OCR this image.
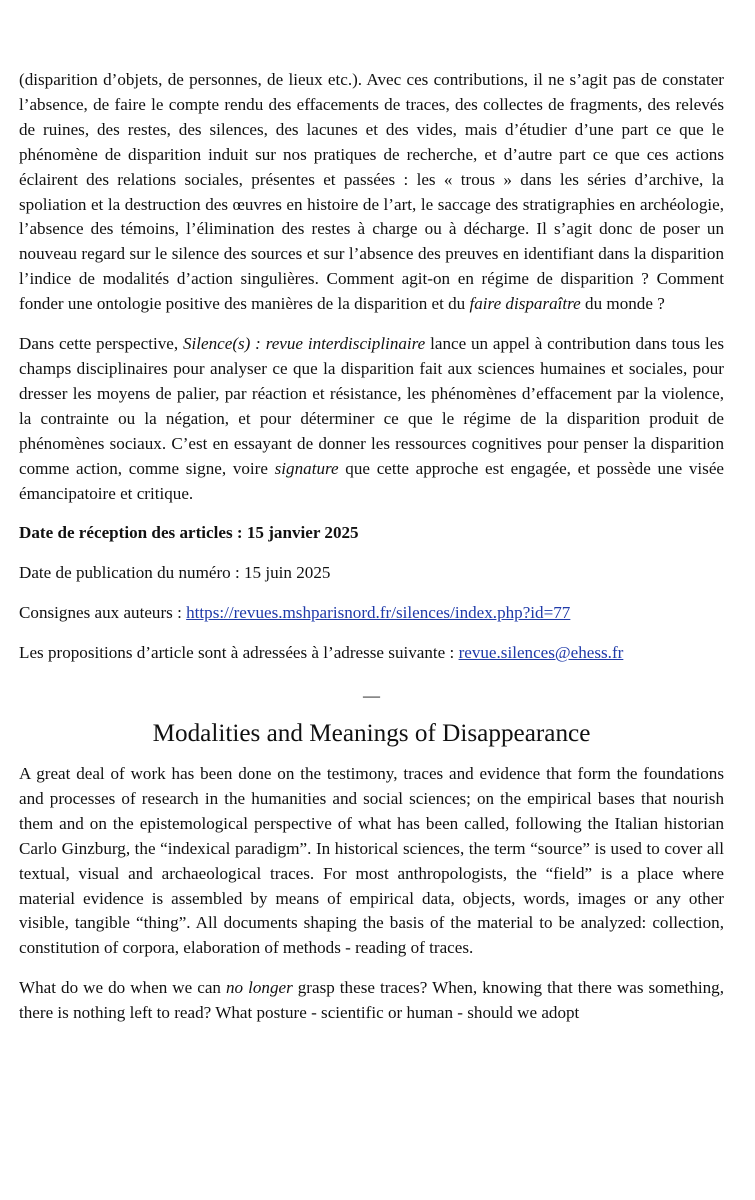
(disparition d’objets, de personnes, de lieux etc.). Avec ces contributions, il ne s’agit pas de constater l’absence, de faire le compte rendu des effacements de traces, des collectes de fragments, des relevés de ruines, des restes, des silences, des lacunes et des vides, mais d’étudier d’une part ce que le phénomène de disparition induit sur nos pratiques de recherche, et d’autre part ce que ces actions éclairent des relations sociales, présentes et passées : les « trous » dans les séries d’archive, la spoliation et la destruction des œuvres en histoire de l’art, le saccage des stratigraphies en archéologie, l’absence des témoins, l’élimination des restes à charge ou à décharge. Il s’agit donc de poser un nouveau regard sur le silence des sources et sur l’absence des preuves en identifiant dans la disparition l’indice de modalités d’action singulières. Comment agit-on en régime de disparition ? Comment fonder une ontologie positive des manières de la disparition et du faire disparaître du monde ?

Dans cette perspective, Silence(s) : revue interdisciplinaire lance un appel à contribution dans tous les champs disciplinaires pour analyser ce que la disparition fait aux sciences humaines et sociales, pour dresser les moyens de palier, par réaction et résistance, les phénomènes d’effacement par la violence, la contrainte ou la négation, et pour déterminer ce que le régime de la disparition produit de phénomènes sociaux. C’est en essayant de donner les ressources cognitives pour penser la disparition comme action, comme signe, voire signature que cette approche est engagée, et possède une visée émancipatoire et critique.

Date de réception des articles : 15 janvier 2025

Date de publication du numéro : 15 juin 2025

Consignes aux auteurs : https://revues.mshparisnord.fr/silences/index.php?id=77

Les propositions d’article sont à adressées à l’adresse suivante : revue.silences@ehess.fr

—
Modalities and Meanings of Disappearance

A great deal of work has been done on the testimony, traces and evidence that form the foundations and processes of research in the humanities and social sciences; on the empirical bases that nourish them and on the epistemological perspective of what has been called, following the Italian historian Carlo Ginzburg, the “indexical paradigm”. In historical sciences, the term “source” is used to cover all textual, visual and archaeological traces. For most anthropologists, the “field” is a place where material evidence is assembled by means of empirical data, objects, words, images or any other visible, tangible “thing”. All documents shaping the basis of the material to be analyzed: collection, constitution of corpora, elaboration of methods - reading of traces.

What do we do when we can no longer grasp these traces? When, knowing that there was something, there is nothing left to read? What posture - scientific or human - should we adopt
